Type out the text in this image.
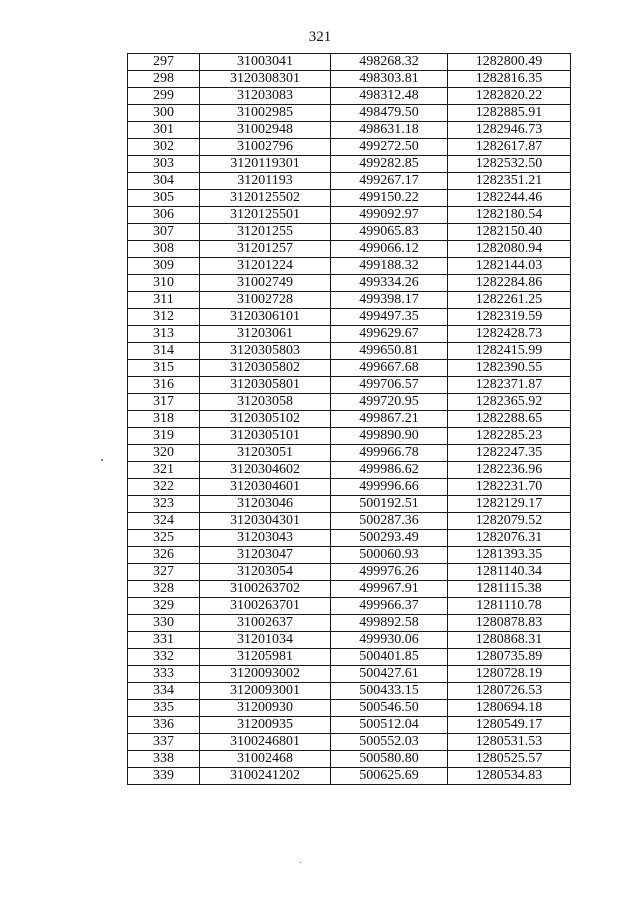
321
297	31003041	498268.32	1282800.49
298	3120308301	498303.81	1282816.35
299	31203083	498312.48	1282820.22
300	31002985	498479.50	1282885.91
301	31002948	498631.18	1282946.73
302	31002796	499272.50	1282617.87
303	3120119301	499282.85	1282532.50
304	31201193	499267.17	1282351.21
305	3120125502	499150.22	1282244.46
306	3120125501	499092.97	1282180.54
307	31201255	499065.83	1282150.40
308	31201257	499066.12	1282080.94
309	31201224	499188.32	1282144.03
310	31002749	499334.26	1282284.86
311	31002728	499398.17	1282261.25
312	3120306101	499497.35	1282319.59
313	31203061	499629.67	1282428.73
314	3120305803	499650.81	1282415.99
315	3120305802	499667.68	1282390.55
316	3120305801	499706.57	1282371.87
317	31203058	499720.95	1282365.92
318	3120305102	499867.21	1282288.65
319	3120305101	499890.90	1282285.23
320	31203051	499966.78	1282247.35
321	3120304602	499986.62	1282236.96
322	3120304601	499996.66	1282231.70
323	31203046	500192.51	1282129.17
324	3120304301	500287.36	1282079.52
325	31203043	500293.49	1282076.31
326	31203047	500060.93	1281393.35
327	31203054	499976.26	1281140.34
328	3100263702	499967.91	1281115.38
329	3100263701	499966.37	1281110.78
330	31002637	499892.58	1280878.83
331	31201034	499930.06	1280868.31
332	31205981	500401.85	1280735.89
333	3120093002	500427.61	1280728.19
334	3120093001	500433.15	1280726.53
335	31200930	500546.50	1280694.18
336	31200935	500512.04	1280549.17
337	3100246801	500552.03	1280531.53
338	31002468	500580.80	1280525.57
339	3100241202	500625.69	1280534.83
